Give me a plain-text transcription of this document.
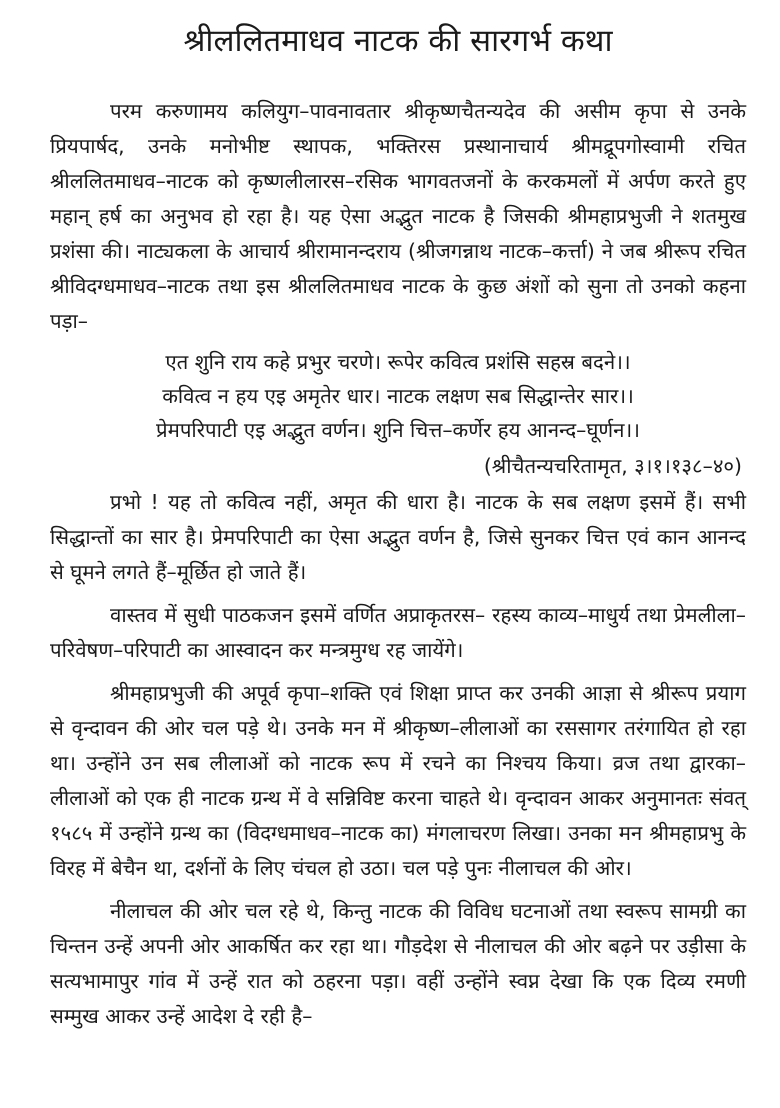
श्रीललितमाधव नाटक की सारगर्भ कथा

परम करुणामय कलियुग–पावनावतार श्रीकृष्णचैतन्यदेव की असीम कृपा से उनके प्रियपार्षद, उनके मनोभीष्ट स्थापक, भक्तिरस प्रस्थानाचार्य श्रीमद्रूपगोस्वामी रचित श्रीललितमाधव–नाटक को कृष्णलीलारस–रसिक भागवतजनों के करकमलों में अर्पण करते हुए महान् हर्ष का अनुभव हो रहा है। यह ऐसा अद्भुत नाटक है जिसकी श्रीमहाप्रभुजी ने शतमुख प्रशंसा की। नाट्यकला के आचार्य श्रीरामानन्दराय (श्रीजगन्नाथ नाटक–कर्त्ता) ने जब श्रीरूप रचित श्रीविदग्धमाधव–नाटक तथा इस श्रीललितमाधव नाटक के कुछ अंशों को सुना तो उनको कहना पड़ा–

एत शुनि राय कहे प्रभुर चरणे। रूपेर कवित्व प्रशंसि सहस्र बदने।।

कवित्व न हय एइ अमृतेर धार। नाटक लक्षण सब सिद्धान्तेर सार।।

प्रेमपरिपाटी एइ अद्भुत वर्णन। शुनि चित्त–कर्णेर हय आनन्द–घूर्णन।।

(श्रीचैतन्यचरितामृत, ३।१।१३८–४०)

प्रभो ! यह तो कवित्व नहीं, अमृत की धारा है। नाटक के सब लक्षण इसमें हैं। सभी सिद्धान्तों का सार है। प्रेमपरिपाटी का ऐसा अद्भुत वर्णन है, जिसे सुनकर चित्त एवं कान आनन्द से घूमने लगते हैं–मूर्छित हो जाते हैं।

वास्तव में सुधी पाठकजन इसमें वर्णित अप्राकृतरस– रहस्य काव्य–माधुर्य तथा प्रेमलीला–परिवेषण–परिपाटी का आस्वादन कर मन्त्रमुग्ध रह जायेंगे।

श्रीमहाप्रभुजी की अपूर्व कृपा–शक्ति एवं शिक्षा प्राप्त कर उनकी आज्ञा से श्रीरूप प्रयाग से वृन्दावन की ओर चल पड़े थे। उनके मन में श्रीकृष्ण–लीलाओं का रससागर तरंगायित हो रहा था। उन्होंने उन सब लीलाओं को नाटक रूप में रचने का निश्चय किया। व्रज तथा द्वारका–लीलाओं को एक ही नाटक ग्रन्थ में वे सन्निविष्ट करना चाहते थे। वृन्दावन आकर अनुमानतः संवत् १५८५ में उन्होंने ग्रन्थ का (विदग्धमाधव–नाटक का) मंगलाचरण लिखा। उनका मन श्रीमहाप्रभु के विरह में बेचैन था, दर्शनों के लिए चंचल हो उठा। चल पड़े पुनः नीलाचल की ओर।

नीलाचल की ओर चल रहे थे, किन्तु नाटक की विविध घटनाओं तथा स्वरूप सामग्री का चिन्तन उन्हें अपनी ओर आकर्षित कर रहा था। गौड़देश से नीलाचल की ओर बढ़ने पर उड़ीसा के सत्यभामापुर गांव में उन्हें रात को ठहरना पड़ा। वहीं उन्होंने स्वप्न देखा कि एक दिव्य रमणी सम्मुख आकर उन्हें आदेश दे रही है–
